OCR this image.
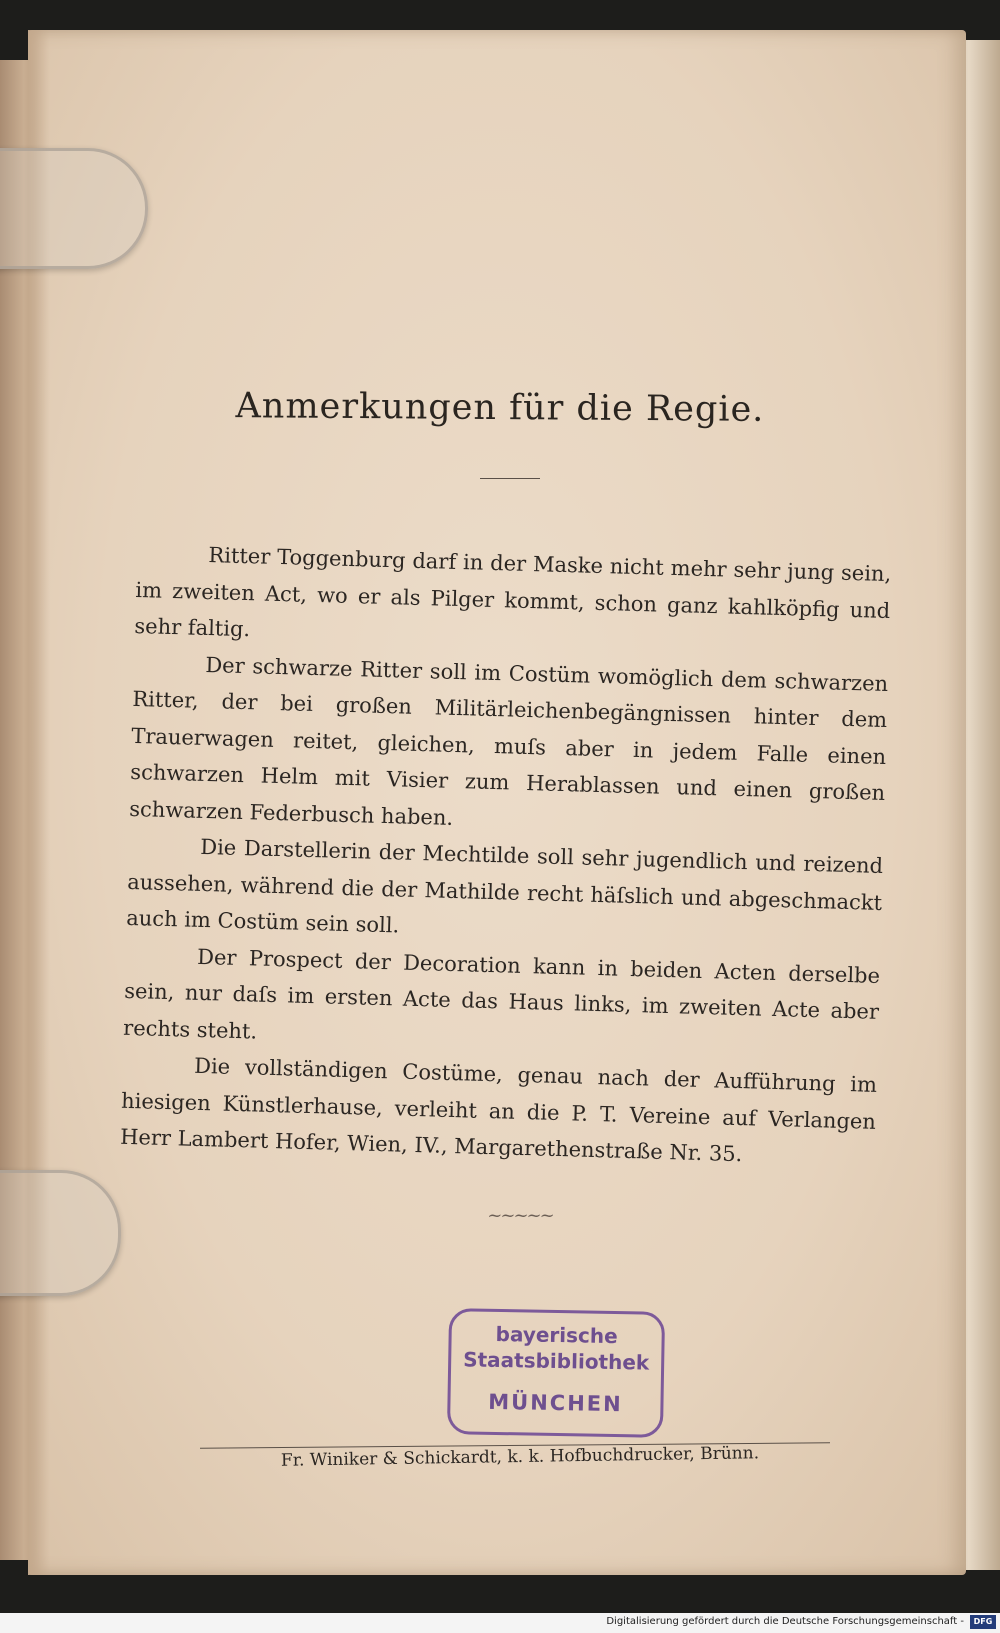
Anmerkungen für die Regie.

Ritter Toggenburg darf in der Maske nicht mehr sehr jung sein, im zweiten Act, wo er als Pilger kommt, schon ganz kahlköpfig und sehr faltig.

Der schwarze Ritter soll im Costüm womöglich dem schwarzen Ritter, der bei großen Militärleichenbegängnissen hinter dem Trauerwagen reitet, gleichen, muſs aber in jedem Falle einen schwarzen Helm mit Visier zum Herablassen und einen großen schwarzen Federbusch haben.

Die Darstellerin der Mechtilde soll sehr jugendlich und reizend aussehen, während die der Mathilde recht häſslich und abgeschmackt auch im Costüm sein soll.

Der Prospect der Decoration kann in beiden Acten derselbe sein, nur daſs im ersten Acte das Haus links, im zweiten Acte aber rechts steht.

Die vollständigen Costüme, genau nach der Aufführung im hiesigen Künstlerhause, verleiht an die P. T. Vereine auf Verlangen Herr Lambert Hofer, Wien, IV., Margarethenstraße Nr. 35.

~~~~~
bayerische
Staatsbibliothek
MÜNCHEN
Fr. Winiker & Schickardt, k. k. Hofbuchdrucker, Brünn.
Digitalisierung gefördert durch die Deutsche Forschungsgemeinschaft -	DFG
